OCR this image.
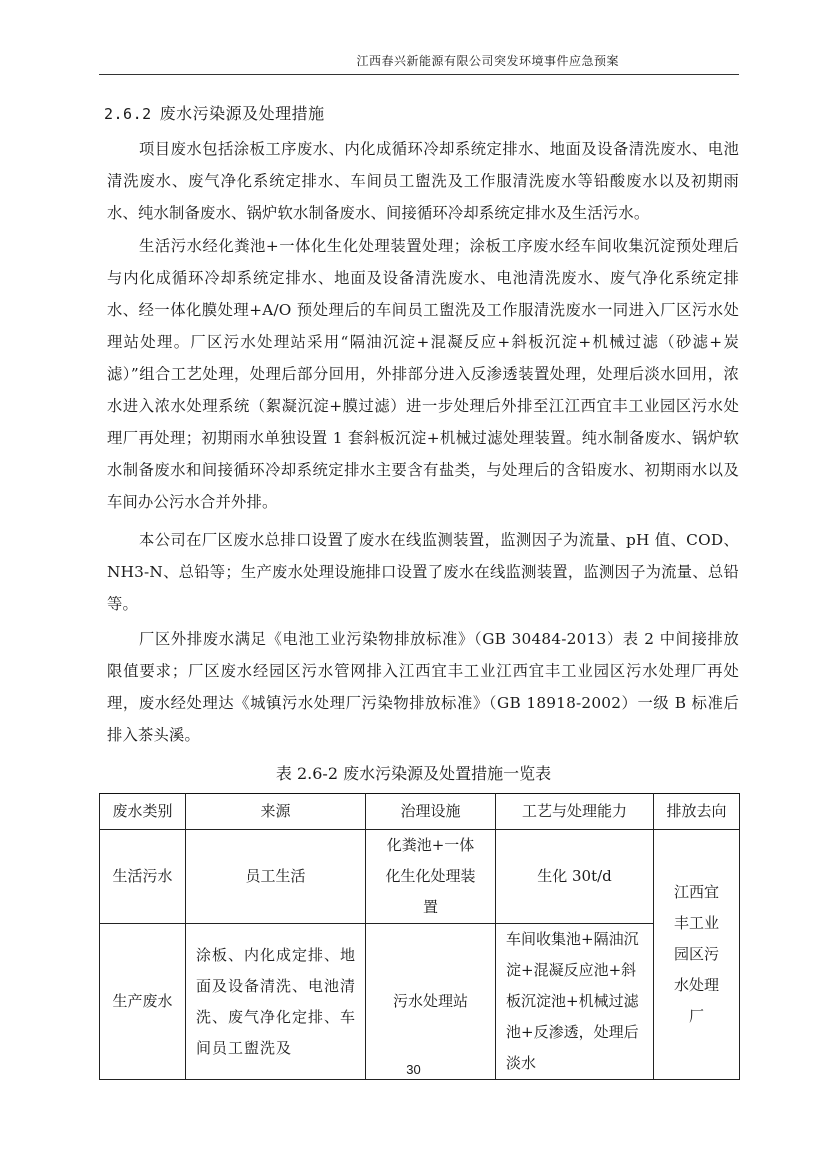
江西春兴新能源有限公司突发环境事件应急预案
2.6.2 废水污染源及处理措施
项目废水包括涂板工序废水、内化成循环冷却系统定排水、地面及设备清洗废水、电池清洗废水、废气净化系统定排水、车间员工盥洗及工作服清洗废水等铅酸废水以及初期雨水、纯水制备废水、锅炉软水制备废水、间接循环冷却系统定排水及生活污水。
生活污水经化粪池+一体化生化处理装置处理；涂板工序废水经车间收集沉淀预处理后与内化成循环冷却系统定排水、地面及设备清洗废水、电池清洗废水、废气净化系统定排水、经一体化膜处理+A/O 预处理后的车间员工盥洗及工作服清洗废水一同进入厂区污水处理站处理。厂区污水处理站采用“隔油沉淀+混凝反应+斜板沉淀+机械过滤（砂滤+炭滤）”组合工艺处理，处理后部分回用，外排部分进入反渗透装置处理，处理后淡水回用，浓水进入浓水处理系统（絮凝沉淀+膜过滤）进一步处理后外排至江江西宜丰工业园区污水处理厂再处理；初期雨水单独设置 1 套斜板沉淀+机械过滤处理装置。纯水制备废水、锅炉软水制备废水和间接循环冷却系统定排水主要含有盐类，与处理后的含铅废水、初期雨水以及车间办公污水合并外排。
本公司在厂区废水总排口设置了废水在线监测装置，监测因子为流量、pH 值、COD、NH3-N、总铅等；生产废水处理设施排口设置了废水在线监测装置，监测因子为流量、总铅等。
厂区外排废水满足《电池工业污染物排放标准》（GB 30484-2013）表 2 中间接排放限值要求；厂区废水经园区污水管网排入江西宜丰工业江西宜丰工业园区污水处理厂再处理，废水经处理达《城镇污水处理厂污染物排放标准》（GB 18918-2002）一级 B 标准后排入茶头溪。
表 2.6-2 废水污染源及处置措施一览表
废水类别	来源	治理设施	工艺与处理能力	排放去向
生活污水	员工生活	化粪池+一体化生化处理装置	生化 30t/d	江西宜丰工业园区污水处理厂
生产废水	涂板、内化成定排、地面及设备清洗、电池清洗、废气净化定排、车间员工盥洗及	污水处理站	车间收集池+隔油沉淀+混凝反应池+斜板沉淀池+机械过滤池+反渗透，处理后淡水	
30
